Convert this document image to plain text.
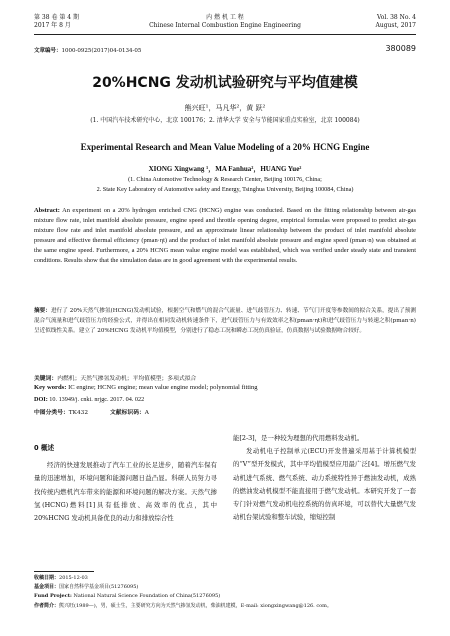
第 38 卷 第 4 期
2017 年 8 月
内 燃 机 工 程
Chinese Internal Combustion Engine Engineering
Vol. 38 No. 4
August, 2017
文章编号：1000-0925(2017)04-0134-05	380089
20%HCNG 发动机试验研究与平均值建模
熊兴旺¹，马凡华²，黄 跃²
(1. 中国汽车技术研究中心，北京 100176；2. 清华大学 安全与节能国家重点实验室，北京 100084)
Experimental Research and Mean Value Modeling of a 20% HCNG Engine
XIONG Xingwang ¹，MA Fanhua²，HUANG Yue²
(1. China Automotive Technology & Research Center, Beijing 100176, China;
2. State Key Laboratory of Automotive safety and Energy, Tsinghua University, Beijing 100084, China)
Abstract: An experiment on a 20% hydrogen enriched CNG (HCNG) engine was conducted. Based on the fitting relationship between air-gas mixture flow rate, inlet manifold absolute pressure, engine speed and throttle opening degree, empirical formulas were proposed to predict air-gas mixture flow rate and inlet manifold absolute pressure, and an approximate linear relationship between the product of inlet manifold absolute pressure and effective thermal efficiency (pman·ηt) and the product of inlet manifold absolute pressure and engine speed (pman·n) was obtained at the same engine speed. Furthermore, a 20% HCNG mean value engine model was established, which was verified under steady state and transient conditions. Results show that the simulation datas are in good agreement with the experimental results.
摘要：进行了 20%天然气掺氢(HCNG)发动机试验，根据空气和燃气的混合气流量、进气歧管压力、转速、节气门开度等参数间的拟合关系，提出了预测混合气流量和进气歧管压力的经验公式，并得出在相同发动机转速条件下，进气歧管压力与有效效率之积(pman·ηt)和进气歧管压力与转速之积(pman·n)呈近似线性关系。建立了 20%HCNG 发动机平均值模型，分别进行了稳态工况和瞬态工况仿真验证，仿真数据与试验数据吻合较好。
关键词：内燃机；天然气掺氢发动机；平均值模型；多项式拟合
Key words: IC engine; HCNG engine; mean value engine model; polynomial fitting
DOI: 10. 13949/j. cnki. nrjgc. 2017. 04. 022
中图分类号：TK432	文献标识码：A
0 概述

经济的快速发展推动了汽车工业的长足进步，随着汽车保有量的迅速增加，环境问题和能源问题日益凸显。科研人员努力寻找传统内燃机汽车带来的能源和环境问题的解决方案。天然气掺氢(HCNG)燃料[1]具有低排放、高效率的优点，其中 20%HCNG 发动机具备优良的动力和排放综合性

能[2-3]，是一种较为理想的代用燃料发动机。

发动机电子控制单元(ECU)开发普遍采用基于计算机模型的“V”型开发模式，其中平均值模型应用最广泛[4]。增压燃气发动机进气系统、燃气系统、动力系统特性异于燃油发动机，成熟的燃油发动机模型不能直接用于燃气发动机。本研究开发了一套专门针对燃气发动机电控系统的仿真环境，可以替代大量燃气发动机台架试验和整车试验，缩短控制

收稿日期：2015-12-03
基金项目：国家自然科学基金项目(51276095)
Fund Project: National Natural Science Foundation of China(51276095)
作者简介：熊兴旺(1989—)，男，硕士生，主要研究方向为天然气掺氢发动机，柴油机建模，E-mail: xiongxingwang@126. com。
